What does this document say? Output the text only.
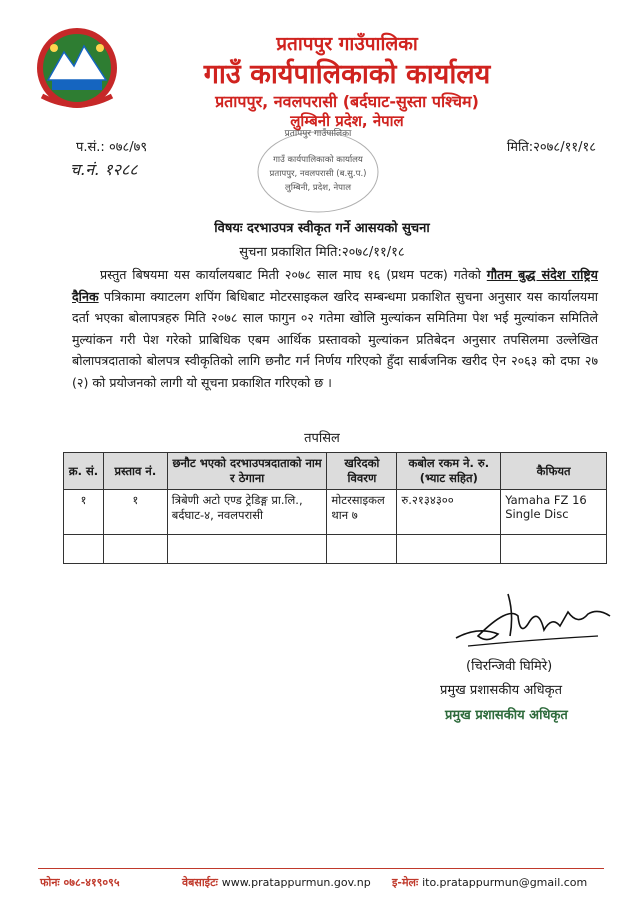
प्रतापपुर गाउँपालिका
गाउँ कार्यपालिकाको कार्यालय
प्रतापपुर, नवलपरासी (बर्दघाट-सुस्ता पश्चिम)
लुम्बिनी प्रदेश, नेपाल
प.सं.: ०७८/७९
च.नं. १२८८
मिति:२०७८/११/१८
प्रतापपुर गाउँपालिका
गाउँ कार्यपालिकाको कार्यालय
प्रतापपुर, नवलपरासी (ब.सु.प.)
लुम्बिनी, प्रदेश, नेपाल
विषयः दरभाउपत्र स्वीकृत गर्ने आसयको सुचना
सुचना प्रकाशित मिति:२०७८/११/१८
प्रस्तुत बिषयमा यस कार्यालयबाट मिती २०७८ साल माघ १६ (प्रथम पटक) गतेको गौतम बुद्ध संदेश राष्ट्रिय दैनिक पत्रिकामा क्याटलग शपिंग बिधिबाट मोटरसाइकल खरिद सम्बन्धमा प्रकाशित सुचना अनुसार यस कार्यालयमा दर्ता भएका बोलापत्रहरु मिति २०७८ साल फागुन ०२ गतेमा खोलि मुल्यांकन समितिमा पेश भई मुल्यांकन समितिले मुल्यांकन गरी पेश गरेको प्राबिधिक एबम आर्थिक प्रस्तावको मुल्यांकन प्रतिबेदन अनुसार तपसिलमा उल्लेखित बोलापत्रदाताको बोलपत्र स्वीकृतिको लागि छनौट गर्न निर्णय गरिएको हुँदा सार्बजनिक खरीद ऐन २०६३ को दफा २७ (२) को प्रयोजनको लागी यो सूचना प्रकाशित गरिएको छ ।
तपसिल
क्र. सं.	प्रस्ताव नं.	छनौट भएको दरभाउपत्रदाताको नाम र ठेगाना	खरिदको विवरण	कबोल रकम ने. रु. (भ्याट सहित)	कैफियत
१	१	त्रिबेणी अटो एण्ड ट्रेडिङ्ग प्रा.लि., बर्दघाट-४, नवलपरासी	मोटरसाइकल थान ७	रु.२१३४३००	Yamaha FZ 16 Single Disc

(चिरन्जिवी घिमिरे)
प्रमुख प्रशासकीय अधिकृत
प्रमुख प्रशासकीय अधिकृत
फोनः ०७८-४१९०९५	वेबसाईटः www.pratappurmun.gov.np इ-मेलः ito.pratappurmun@gmail.com
